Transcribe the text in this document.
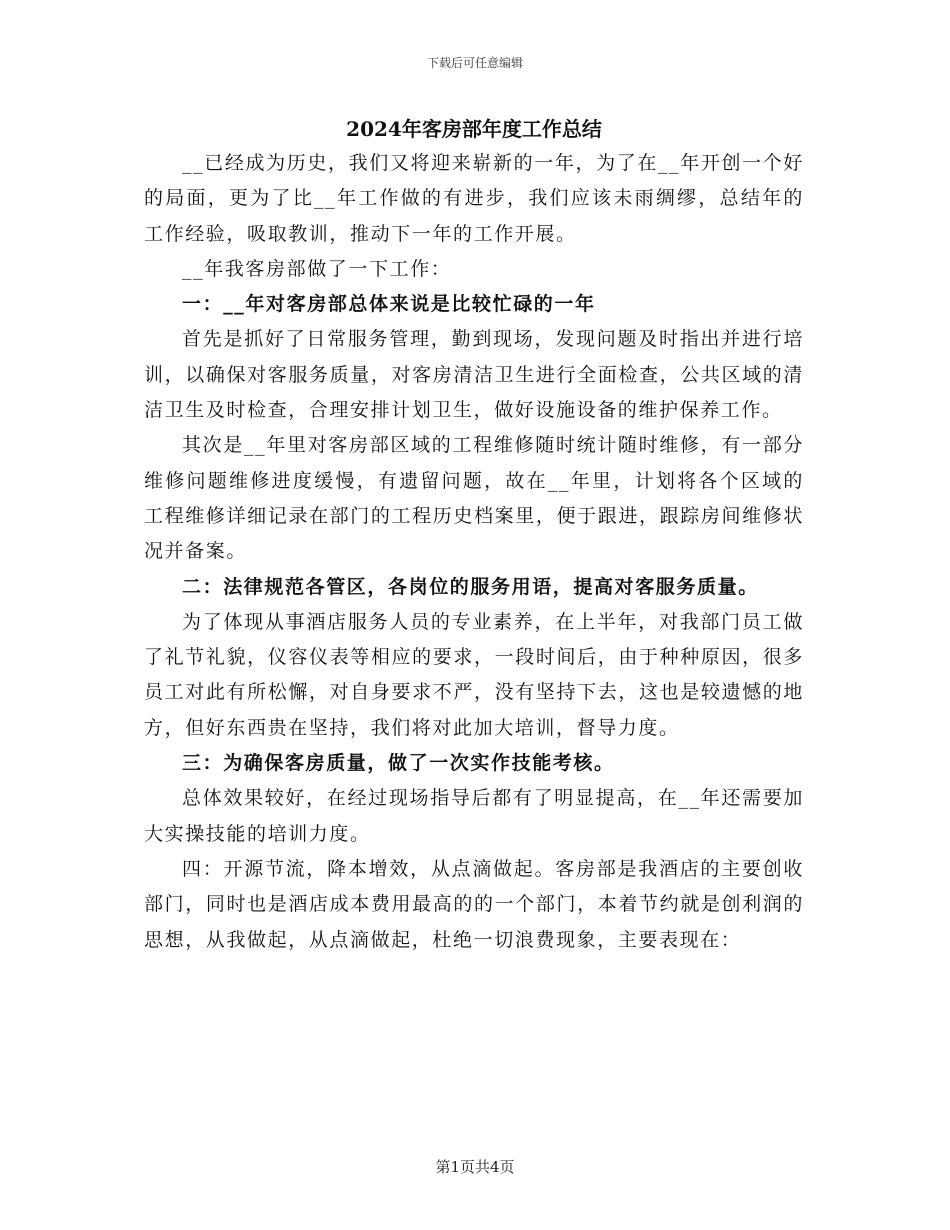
下载后可任意编辑
2024年客房部年度工作总结

__已经成为历史，我们又将迎来崭新的一年，为了在__年开创一个好的局面，更为了比__年工作做的有进步，我们应该未雨绸缪，总结年的工作经验，吸取教训，推动下一年的工作开展。

__年我客房部做了一下工作：

一：__年对客房部总体来说是比较忙碌的一年

首先是抓好了日常服务管理，勤到现场，发现问题及时指出并进行培训，以确保对客服务质量，对客房清洁卫生进行全面检查，公共区域的清洁卫生及时检查，合理安排计划卫生，做好设施设备的维护保养工作。

其次是__年里对客房部区域的工程维修随时统计随时维修，有一部分维修问题维修进度缓慢，有遗留问题，故在__年里，计划将各个区域的工程维修详细记录在部门的工程历史档案里，便于跟进，跟踪房间维修状况并备案。

二：法律规范各管区，各岗位的服务用语，提高对客服务质量。

为了体现从事酒店服务人员的专业素养，在上半年，对我部门员工做了礼节礼貌，仪容仪表等相应的要求，一段时间后，由于种种原因，很多员工对此有所松懈，对自身要求不严，没有坚持下去，这也是较遗憾的地方，但好东西贵在坚持，我们将对此加大培训，督导力度。

三：为确保客房质量，做了一次实作技能考核。

总体效果较好，在经过现场指导后都有了明显提高，在__年还需要加大实操技能的培训力度。

四：开源节流，降本增效，从点滴做起。客房部是我酒店的主要创收部门，同时也是酒店成本费用最高的的一个部门，本着节约就是创利润的思想，从我做起，从点滴做起，杜绝一切浪费现象，主要表现在：

第1页共4页
